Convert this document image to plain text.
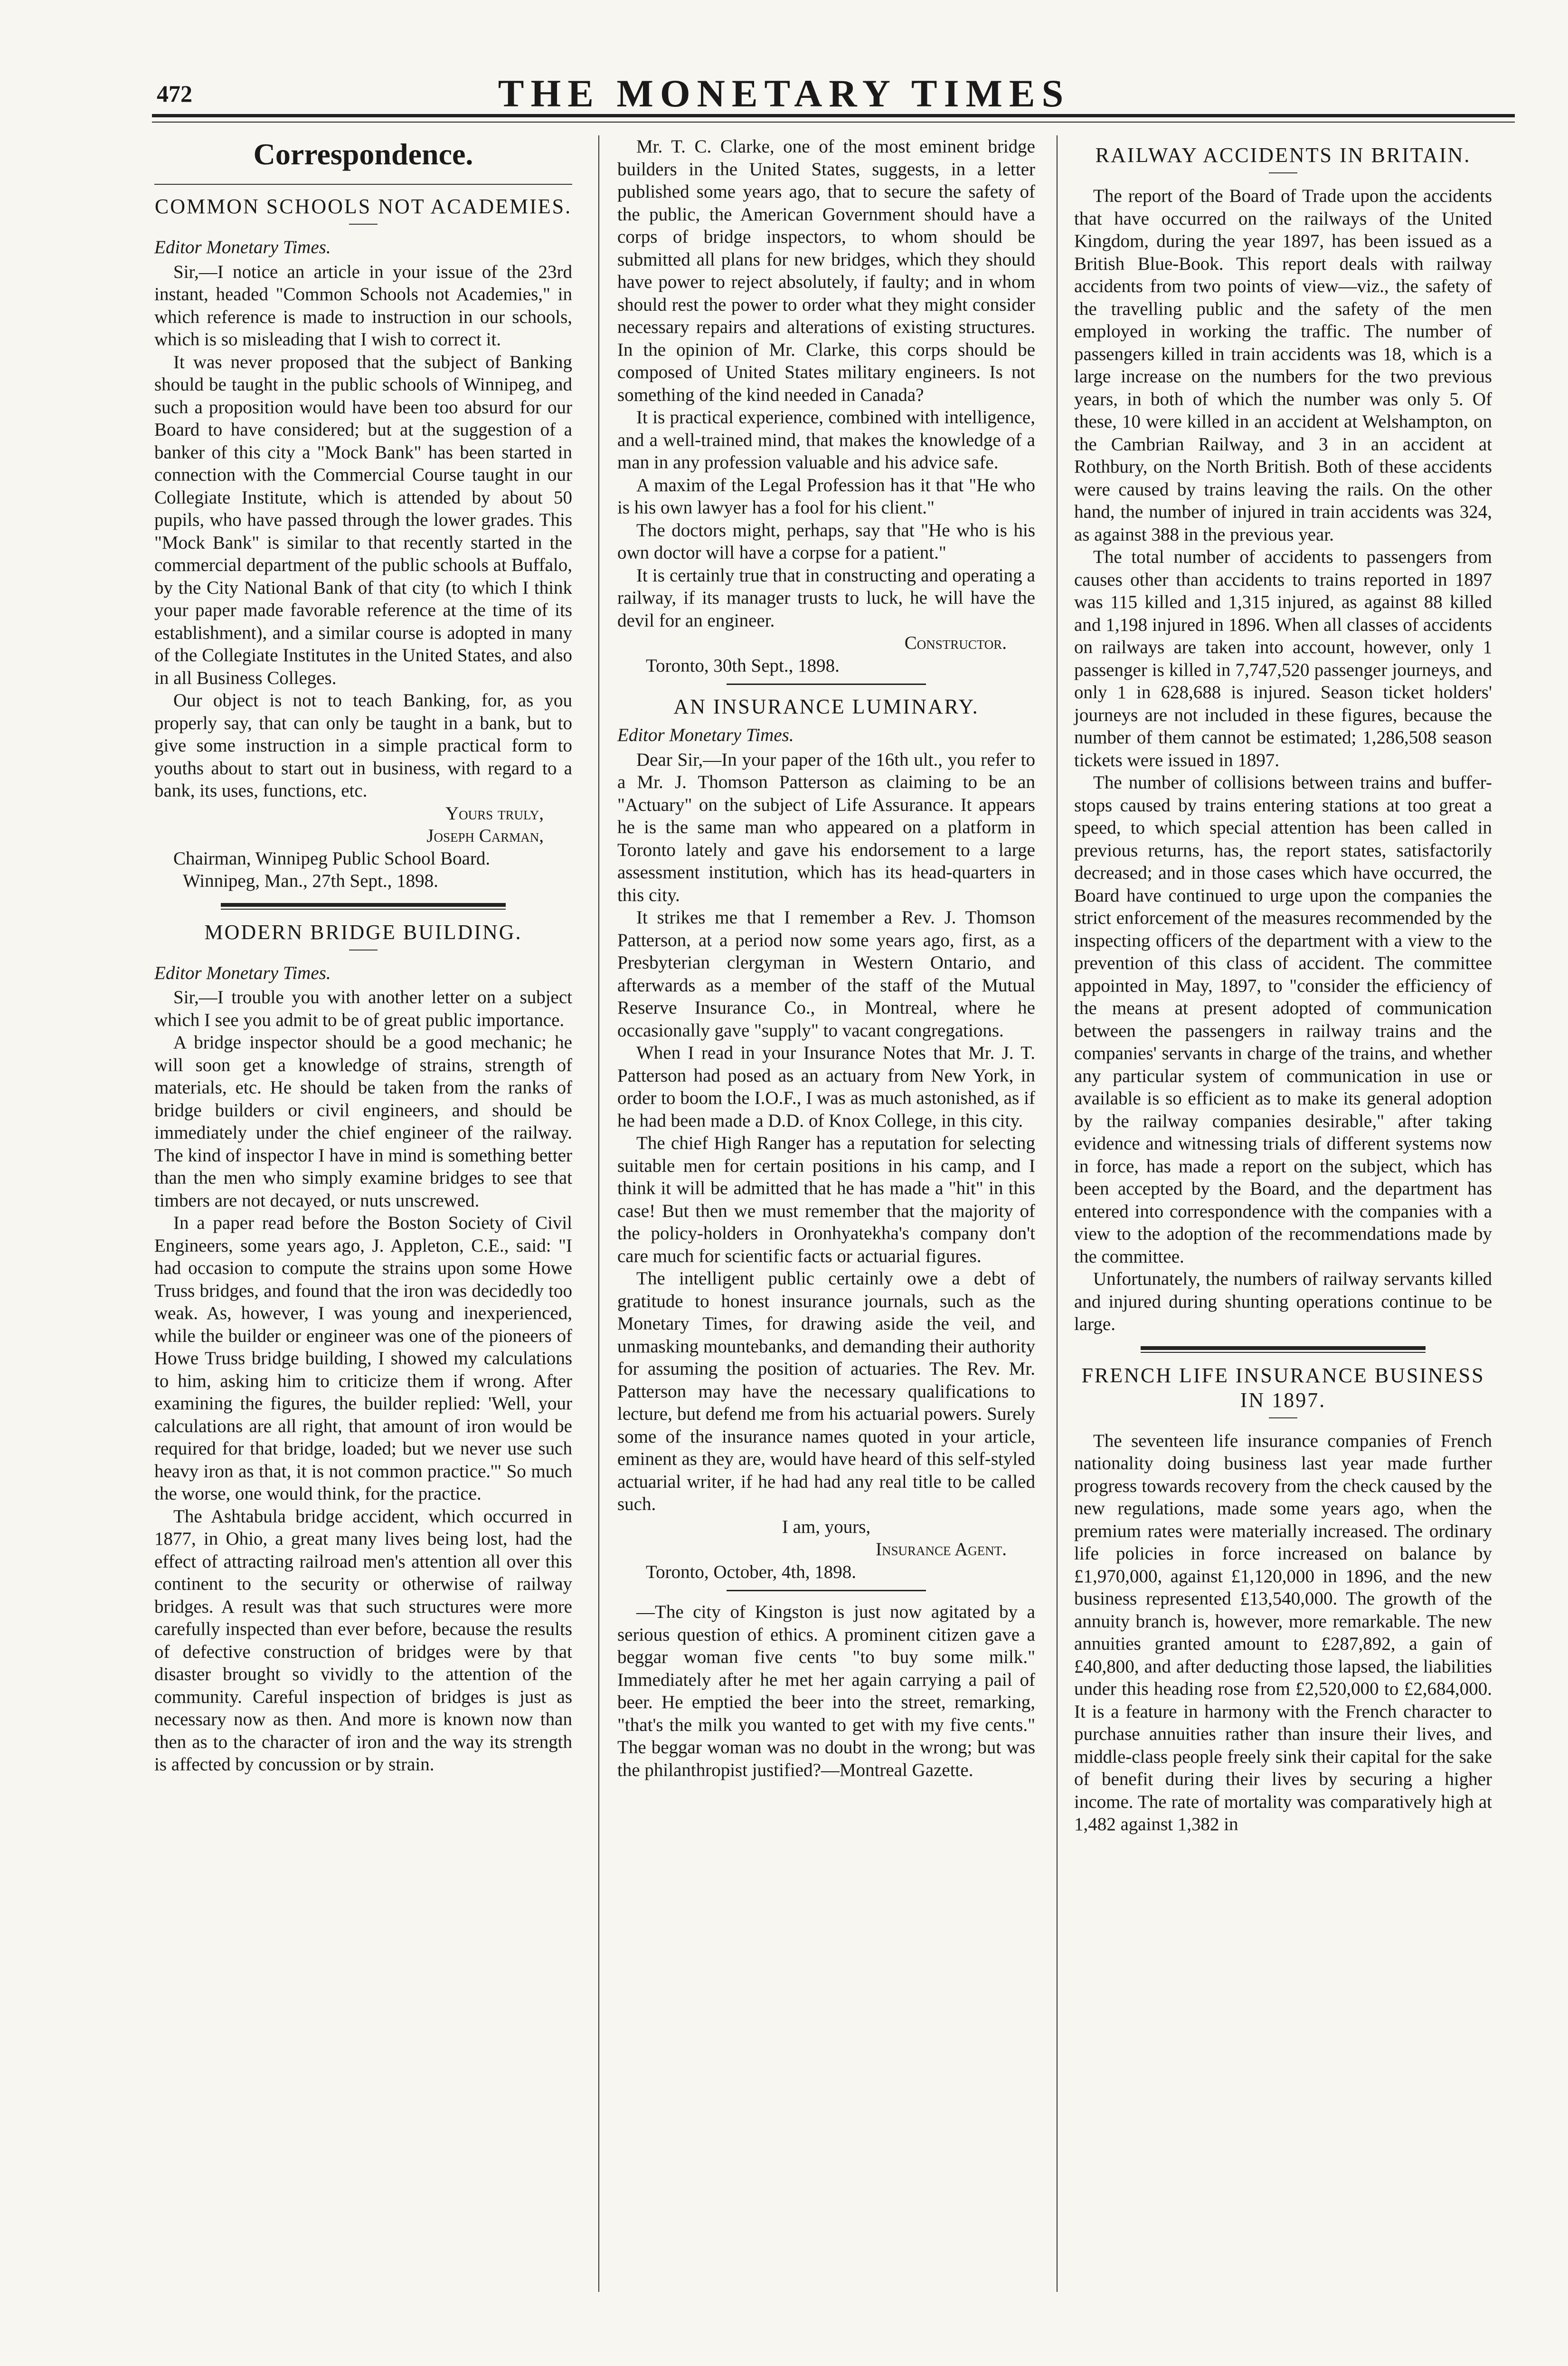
472	THE MONETARY TIMES
Correspondence.
COMMON SCHOOLS NOT ACADEMIES.
Editor Monetary Times.

Sir,—I notice an article in your issue of the 23rd instant, headed "Common Schools not Academies," in which reference is made to instruction in our schools, which is so misleading that I wish to correct it.

It was never proposed that the subject of Banking should be taught in the public schools of Winnipeg, and such a proposition would have been too absurd for our Board to have considered; but at the suggestion of a banker of this city a "Mock Bank" has been started in connection with the Commercial Course taught in our Collegiate Institute, which is attended by about 50 pupils, who have passed through the lower grades. This "Mock Bank" is similar to that recently started in the commercial department of the public schools at Buffalo, by the City National Bank of that city (to which I think your paper made favorable reference at the time of its establishment), and a similar course is adopted in many of the Collegiate Institutes in the United States, and also in all Business Colleges.

Our object is not to teach Banking, for, as you properly say, that can only be taught in a bank, but to give some instruction in a simple practical form to youths about to start out in business, with regard to a bank, its uses, functions, etc.

Yours truly,

Joseph Carman,

Chairman, Winnipeg Public School Board.

Winnipeg, Man., 27th Sept., 1898.

MODERN BRIDGE BUILDING.
Editor Monetary Times.

Sir,—I trouble you with another letter on a subject which I see you admit to be of great public importance.

A bridge inspector should be a good mechanic; he will soon get a knowledge of strains, strength of materials, etc. He should be taken from the ranks of bridge builders or civil engineers, and should be immediately under the chief engineer of the railway. The kind of inspector I have in mind is something better than the men who simply examine bridges to see that timbers are not decayed, or nuts unscrewed.

In a paper read before the Boston Society of Civil Engineers, some years ago, J. Appleton, C.E., said: "I had occasion to compute the strains upon some Howe Truss bridges, and found that the iron was decidedly too weak. As, however, I was young and inexperienced, while the builder or engineer was one of the pioneers of Howe Truss bridge building, I showed my calculations to him, asking him to criticize them if wrong. After examining the figures, the builder replied: 'Well, your calculations are all right, that amount of iron would be required for that bridge, loaded; but we never use such heavy iron as that, it is not common practice.'" So much the worse, one would think, for the practice.

The Ashtabula bridge accident, which occurred in 1877, in Ohio, a great many lives being lost, had the effect of attracting railroad men's attention all over this continent to the security or otherwise of railway bridges. A result was that such structures were more carefully inspected than ever before, because the results of defective construction of bridges were by that disaster brought so vividly to the attention of the community. Careful inspection of bridges is just as necessary now as then. And more is known now than then as to the character of iron and the way its strength is affected by concussion or by strain.

Mr. T. C. Clarke, one of the most eminent bridge builders in the United States, suggests, in a letter published some years ago, that to secure the safety of the public, the American Government should have a corps of bridge inspectors, to whom should be submitted all plans for new bridges, which they should have power to reject absolutely, if faulty; and in whom should rest the power to order what they might consider necessary repairs and alterations of existing structures. In the opinion of Mr. Clarke, this corps should be composed of United States military engineers. Is not something of the kind needed in Canada?

It is practical experience, combined with intelligence, and a well-trained mind, that makes the knowledge of a man in any profession valuable and his advice safe.

A maxim of the Legal Profession has it that "He who is his own lawyer has a fool for his client."

The doctors might, perhaps, say that "He who is his own doctor will have a corpse for a patient."

It is certainly true that in constructing and operating a railway, if its manager trusts to luck, he will have the devil for an engineer.

Constructor.

Toronto, 30th Sept., 1898.

AN INSURANCE LUMINARY.
Editor Monetary Times.

Dear Sir,—In your paper of the 16th ult., you refer to a Mr. J. Thomson Patterson as claiming to be an "Actuary" on the subject of Life Assurance. It appears he is the same man who appeared on a platform in Toronto lately and gave his endorsement to a large assessment institution, which has its head-quarters in this city.

It strikes me that I remember a Rev. J. Thomson Patterson, at a period now some years ago, first, as a Presbyterian clergyman in Western Ontario, and afterwards as a member of the staff of the Mutual Reserve Insurance Co., in Montreal, where he occasionally gave "supply" to vacant congregations.

When I read in your Insurance Notes that Mr. J. T. Patterson had posed as an actuary from New York, in order to boom the I.O.F., I was as much astonished, as if he had been made a D.D. of Knox College, in this city.

The chief High Ranger has a reputation for selecting suitable men for certain positions in his camp, and I think it will be admitted that he has made a "hit" in this case! But then we must remember that the majority of the policy-holders in Oronhyatekha's company don't care much for scientific facts or actuarial figures.

The intelligent public certainly owe a debt of gratitude to honest insurance journals, such as the Monetary Times, for drawing aside the veil, and unmasking mountebanks, and demanding their authority for assuming the position of actuaries. The Rev. Mr. Patterson may have the necessary qualifications to lecture, but defend me from his actuarial powers. Surely some of the insurance names quoted in your article, eminent as they are, would have heard of this self-styled actuarial writer, if he had had any real title to be called such.

I am, yours,

Insurance Agent.

Toronto, October, 4th, 1898.

—The city of Kingston is just now agitated by a serious question of ethics. A prominent citizen gave a beggar woman five cents "to buy some milk." Immediately after he met her again carrying a pail of beer. He emptied the beer into the street, remarking, "that's the milk you wanted to get with my five cents." The beggar woman was no doubt in the wrong; but was the philanthropist justified?—Montreal Gazette.

RAILWAY ACCIDENTS IN BRITAIN.

The report of the Board of Trade upon the accidents that have occurred on the railways of the United Kingdom, during the year 1897, has been issued as a British Blue-Book. This report deals with railway accidents from two points of view—viz., the safety of the travelling public and the safety of the men employed in working the traffic. The number of passengers killed in train accidents was 18, which is a large increase on the numbers for the two previous years, in both of which the number was only 5. Of these, 10 were killed in an accident at Welshampton, on the Cambrian Railway, and 3 in an accident at Rothbury, on the North British. Both of these accidents were caused by trains leaving the rails. On the other hand, the number of injured in train accidents was 324, as against 388 in the previous year.

The total number of accidents to passengers from causes other than accidents to trains reported in 1897 was 115 killed and 1,315 injured, as against 88 killed and 1,198 injured in 1896. When all classes of accidents on railways are taken into account, however, only 1 passenger is killed in 7,747,520 passenger journeys, and only 1 in 628,688 is injured. Season ticket holders' journeys are not included in these figures, because the number of them cannot be estimated; 1,286,508 season tickets were issued in 1897.

The number of collisions between trains and buffer-stops caused by trains entering stations at too great a speed, to which special attention has been called in previous returns, has, the report states, satisfactorily decreased; and in those cases which have occurred, the Board have continued to urge upon the companies the strict enforcement of the measures recommended by the inspecting officers of the department with a view to the prevention of this class of accident. The committee appointed in May, 1897, to "consider the efficiency of the means at present adopted of communication between the passengers in railway trains and the companies' servants in charge of the trains, and whether any particular system of communication in use or available is so efficient as to make its general adoption by the railway companies desirable," after taking evidence and witnessing trials of different systems now in force, has made a report on the subject, which has been accepted by the Board, and the department has entered into correspondence with the companies with a view to the adoption of the recommendations made by the committee.

Unfortunately, the numbers of railway servants killed and injured during shunting operations continue to be large.

FRENCH LIFE INSURANCE BUSINESS IN 1897.

The seventeen life insurance companies of French nationality doing business last year made further progress towards recovery from the check caused by the new regulations, made some years ago, when the premium rates were materially increased. The ordinary life policies in force increased on balance by £1,970,000, against £1,120,000 in 1896, and the new business represented £13,540,000. The growth of the annuity branch is, however, more remarkable. The new annuities granted amount to £287,892, a gain of £40,800, and after deducting those lapsed, the liabilities under this heading rose from £2,520,000 to £2,684,000. It is a feature in harmony with the French character to purchase annuities rather than insure their lives, and middle-class people freely sink their capital for the sake of benefit during their lives by securing a higher income. The rate of mortality was comparatively high at 1,482 against 1,382 in
